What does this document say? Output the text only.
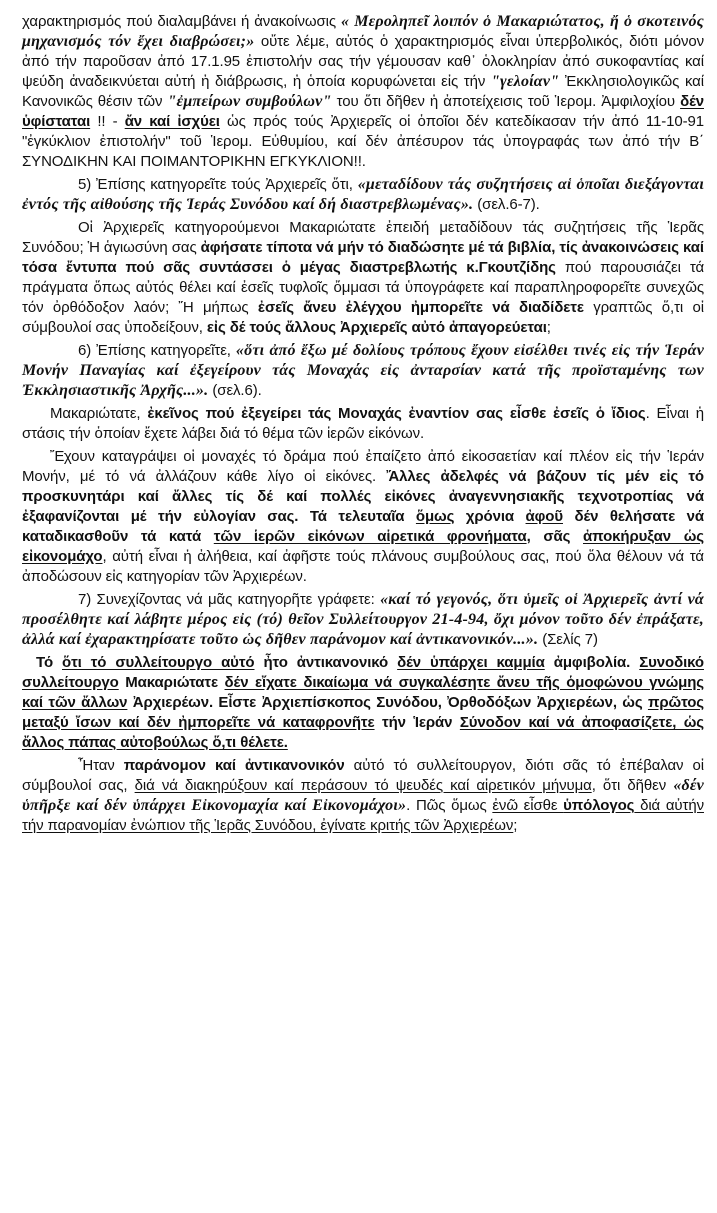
χαρακτηρισμός πού διαλαμβάνει ή ἀνακοίνωσις « Μεροληπεῖ λοιπόν ὁ Μακαριώτατος, ἤ ὁ σκοτεινός μηχανισμός τόν ἔχει διαβρώσει;» οὔτε λέμε, αὐτός ὁ χαρακτηρισμός εἶναι ὑπερβολικός, διότι μόνον ἀπό τήν παροῦσαν ἀπό 17.1.95 ἐπιστολήν σας τήν γέμουσαν καθ᾿ ὁλοκληρίαν ἀπό συκοφαντίας καί ψεύδη ἀναδεικνύεται αὐτή ἡ διάβρωσις, ἡ ὁποία κορυφώνεται εἰς τήν "γελοίαν" Ἐκκλησιολογικῶς καί Κανονικῶς θέσιν τῶν "ἐμπείρων συμβούλων" του ὅτι δῆθεν ἡ ἀποτείχεισις τοῦ Ἱερομ. Ἀμφιλοχίου δέν ὑφίσταται !! - ἄν καί ἰσχύει ὡς πρός τούς Ἀρχιερεῖς οἱ ὁποῖοι δέν κατεδίκασαν τήν ἀπό 11-10-91 "ἐγκύκλιον ἐπιστολήν" τοῦ Ἱερομ. Εὐθυμίου, καί δέν ἀπέσυρον τάς ὑπογραφάς των ἀπό τήν Β΄ ΣΥΝΟΔΙΚΗΝ ΚΑΙ ΠΟΙΜΑΝΤΟΡΙΚΗΝ ΕΓΚΥΚΛΙΟΝ!!.

5) Ἐπίσης κατηγορεῖτε τούς Ἀρχιερεῖς ὅτι, «μεταδίδουν τάς συζητήσεις αἱ ὁποῖαι διεξάγονται ἐντός τῆς αἰθούσης τῆς Ἱεράς Συνόδου καί δή διαστρεβλωμένας». (σελ.6-7).

Οἱ Ἀρχιερεῖς κατηγορούμενοι Μακαριώτατε ἐπειδή μεταδίδουν τάς συζητήσεις τῆς Ἱερᾶς Συνόδου; Ἡ ἁγιωσύνη σας ἀφήσατε τίποτα νά μήν τό διαδώσητε μέ τά βιβλία, τίς ἀνακοινώσεις καί τόσα ἔντυπα πού σᾶς συντάσσει ὁ μέγας διαστρεβλωτής κ.Γκουτζίδης πού παρουσιάζει τά πράγματα ὅπως αὐτός θέλει καί ἐσεῖς τυφλοῖς ὄμμασι τά ὑπογράφετε καί παραπληροφορεῖτε συνεχῶς τόν ὀρθόδοξον λαόν; Ἤ μήπως ἐσεῖς ἄνευ ἐλέγχου ἠμπορεῖτε νά διαδίδετε γραπτῶς ὅ,τι οἱ σύμβουλοί σας ὑποδείξουν, εἰς δέ τούς ἄλλους Ἀρχιερεῖς αὐτό ἀπαγορεύεται;

6) Ἐπίσης κατηγορεῖτε, «ὅτι ἀπό ἔξω μέ δολίους τρόπους ἔχουν εἰσέλθει τινές εἰς τήν Ἱεράν Μονήν Παναγίας καί ἐξεγείρουν τάς Μοναχάς εἰς ἀνταρσίαν κατά τῆς προϊσταμένης των Ἐκκλησιαστικῆς Ἀρχῆς...». (σελ.6).

Μακαριώτατε, ἐκεῖνος πού ἐξεγείρει τάς Μοναχάς ἐναντίον σας εἶσθε ἐσεῖς ὁ ἴδιος. Εἶναι ἡ στάσις τήν ὁποίαν ἔχετε λάβει διά τό θέμα τῶν ἱερῶν εἰκόνων.

Ἔχουν καταγράψει οἱ μοναχές τό δράμα πού ἐπαίζετο ἀπό εἰκοσαετίαν καί πλέον εἰς τήν Ἱεράν Μονήν, μέ τό νά ἀλλάζουν κάθε λίγο οἱ εἰκόνες. Ἄλλες ἀδελφές νά βάζουν τίς μέν εἰς τό προσκυνητάρι καί ἄλλες τίς δέ καί πολλές εἰκόνες ἀναγεννησιακῆς τεχνοτροπίας νά ἐξαφανίζονται μέ τήν εὐλογίαν σας. Τά τελευταῖα ὅμως χρόνια ἀφοῦ δέν θελήσατε νά καταδικασθοῦν τά κατά τῶν ἱερῶν εἰκόνων αἱρετικά φρονήματα, σᾶς ἀποκήρυξαν ὡς εἰκονομάχο, αὐτή εἶναι ἡ ἀλήθεια, καί ἀφῆστε τούς πλάνους συμβούλους σας, πού ὅλα θέλουν νά τά ἀποδώσουν εἰς κατηγορίαν τῶν Ἀρχιερέων.

7) Συνεχίζοντας νά μᾶς κατηγορῆτε γράφετε: «καί τό γεγονός, ὅτι ὑμεῖς οἱ Ἀρχιερεῖς ἀντί νά προσέλθητε καί λάβητε μέρος εἰς (τό) θεῖον Συλλείτουργον 21-4-94, ὄχι μόνον τοῦτο δέν ἐπράξατε, ἀλλά καί ἐχαρακτηρίσατε τοῦτο ὡς δῆθεν παράνομον καί ἀντικανονικόν...». (Σελίς 7)

Τό ὅτι τό συλλείτουργο αὐτό ἦτο ἀντικανονικό δέν ὑπάρχει καμμία ἀμφιβολία. Συνοδικό συλλείτουργο Μακαριώτατε δέν εἴχατε δικαίωμα νά συγκαλέσητε ἄνευ τῆς ὁμοφώνου γνώμης καί τῶν ἄλλων Ἀρχιερέων. Εἶστε Ἀρχιεπίσκοπος Συνόδου, Ὀρθοδόξων Ἀρχιερέων, ὡς πρῶτος μεταξύ ἴσων καί δέν ἠμπορεῖτε νά καταφρονῆτε τήν Ἱεράν Σύνοδον καί νά ἀποφασίζετε, ὡς ἄλλος πάπας αὐτοβούλως ὅ,τι θέλετε.

Ἦταν παράνομον καί ἀντικανονικόν αὐτό τό συλλείτουργον, διότι σᾶς τό ἐπέβαλαν οἱ σύμβουλοί σας, διά νά διακηρύξουν καί περάσουν τό ψευδές καί αἱρετικόν μήνυμα, ὅτι δῆθεν «δέν ὑπῆρξε καί δέν ὑπάρχει Εἰκονομαχία καί Εἰκονομάχοι». Πῶς ὅμως ἐνῶ εἶσθε ὑπόλογος διά αὐτήν τήν παρανομίαν ἐνώπιον τῆς Ἱερᾶς Συνόδου, ἐγίνατε κριτής τῶν Ἀρχιερέων;
